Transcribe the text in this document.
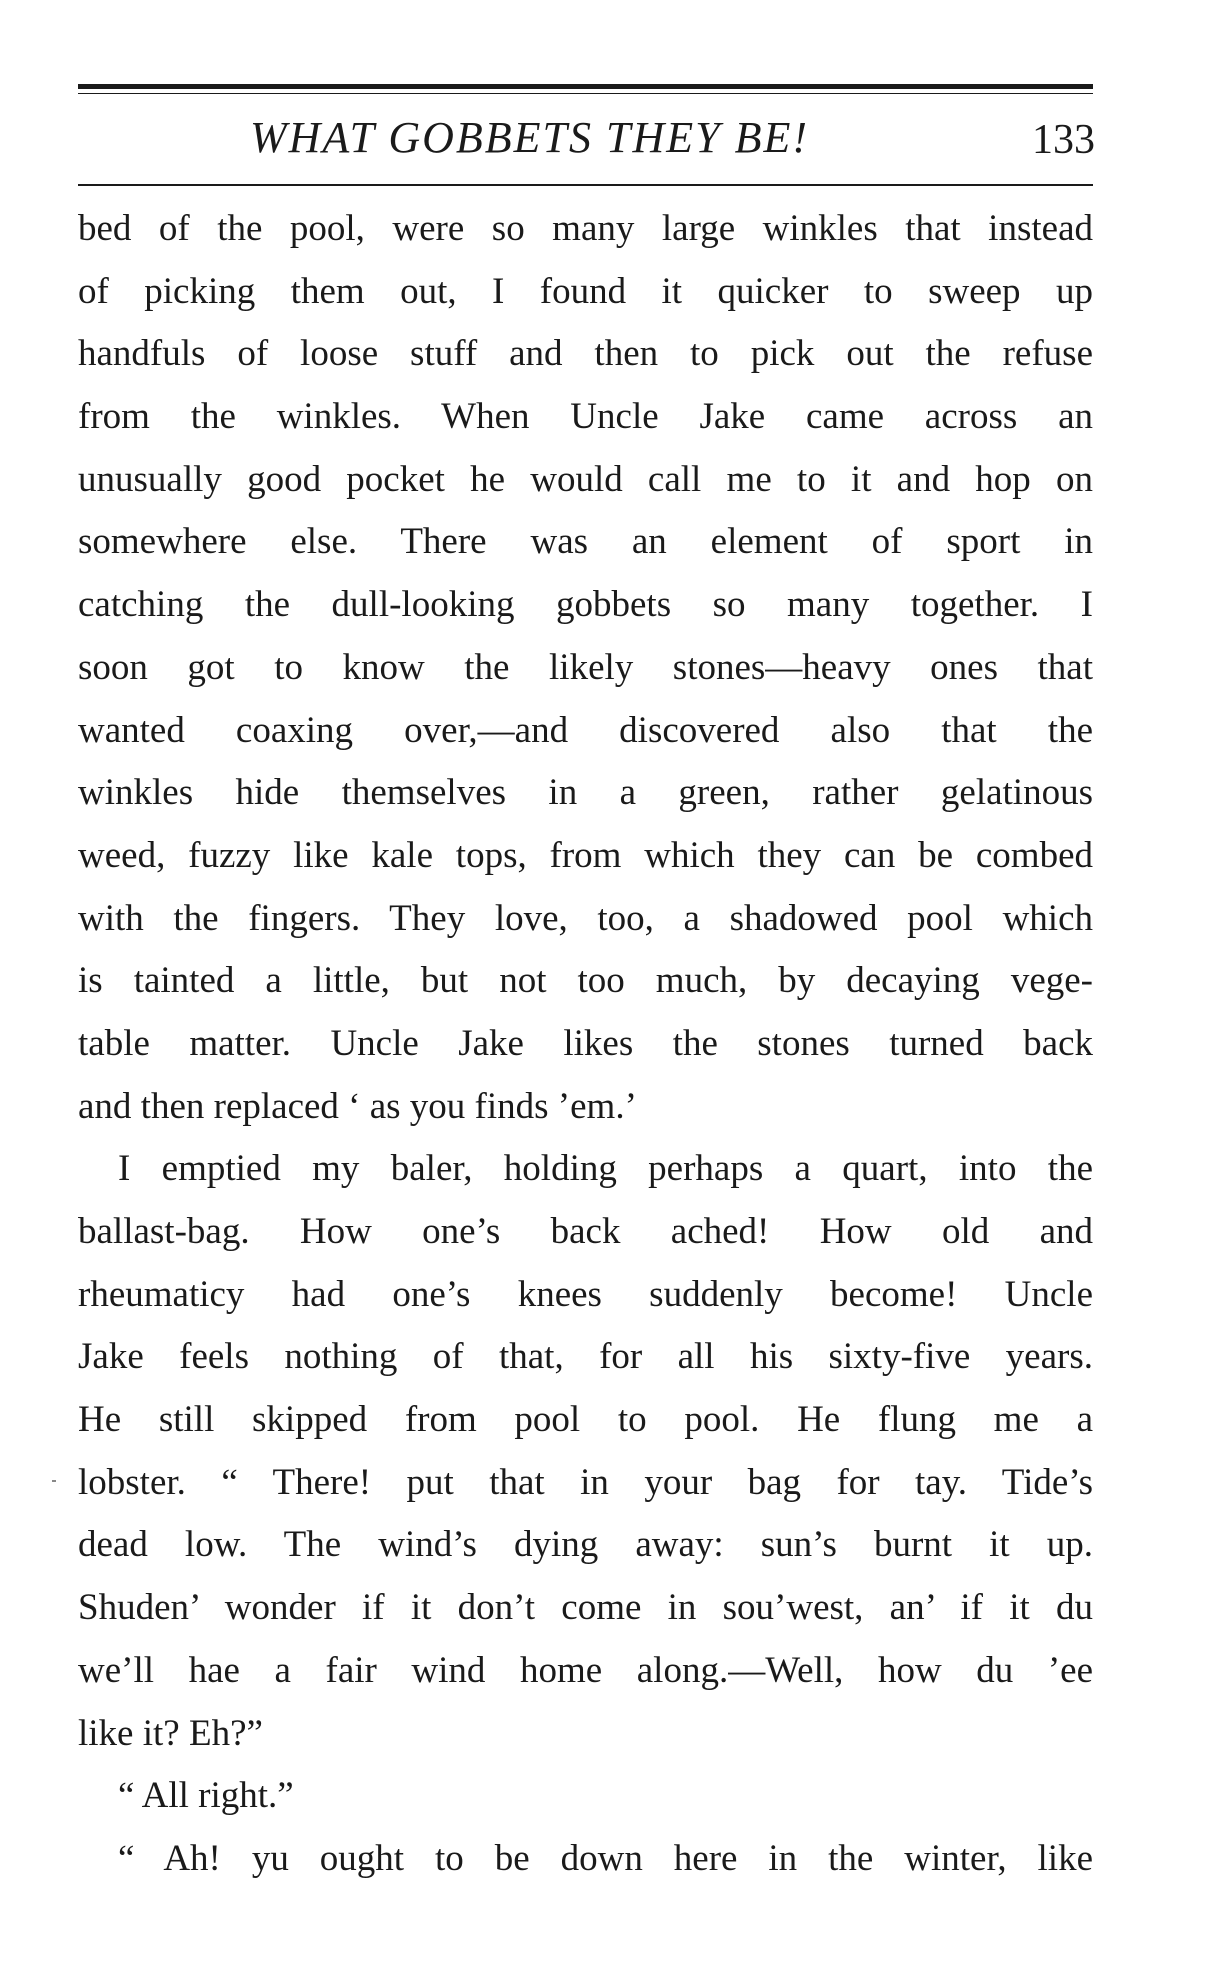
WHAT GOBBETS THEY BE!	133
bed of the pool, were so many large winkles that instead
of picking them out, I found it quicker to sweep up
handfuls of loose stuff and then to pick out the refuse
from the winkles. When Uncle Jake came across an
unusually good pocket he would call me to it and hop on
somewhere else. There was an element of sport in
catching the dull-looking gobbets so many together. I
soon got to know the likely stones—heavy ones that
wanted coaxing over,—and discovered also that the
winkles hide themselves in a green, rather gelatinous
weed, fuzzy like kale tops, from which they can be combed
with the fingers. They love, too, a shadowed pool which
is tainted a little, but not too much, by decaying vege-
table matter. Uncle Jake likes the stones turned back
and then replaced ‘ as you finds ’em.’
I emptied my baler, holding perhaps a quart, into the
ballast-bag. How one’s back ached! How old and
rheumaticy had one’s knees suddenly become! Uncle
Jake feels nothing of that, for all his sixty-five years.
He still skipped from pool to pool. He flung me a
lobster. “ There! put that in your bag for tay. Tide’s
dead low. The wind’s dying away: sun’s burnt it up.
Shuden’ wonder if it don’t come in sou’west, an’ if it du
we’ll hae a fair wind home along.—Well, how du ’ee
like it? Eh?”
“ All right.”
“ Ah! yu ought to be down here in the winter, like
